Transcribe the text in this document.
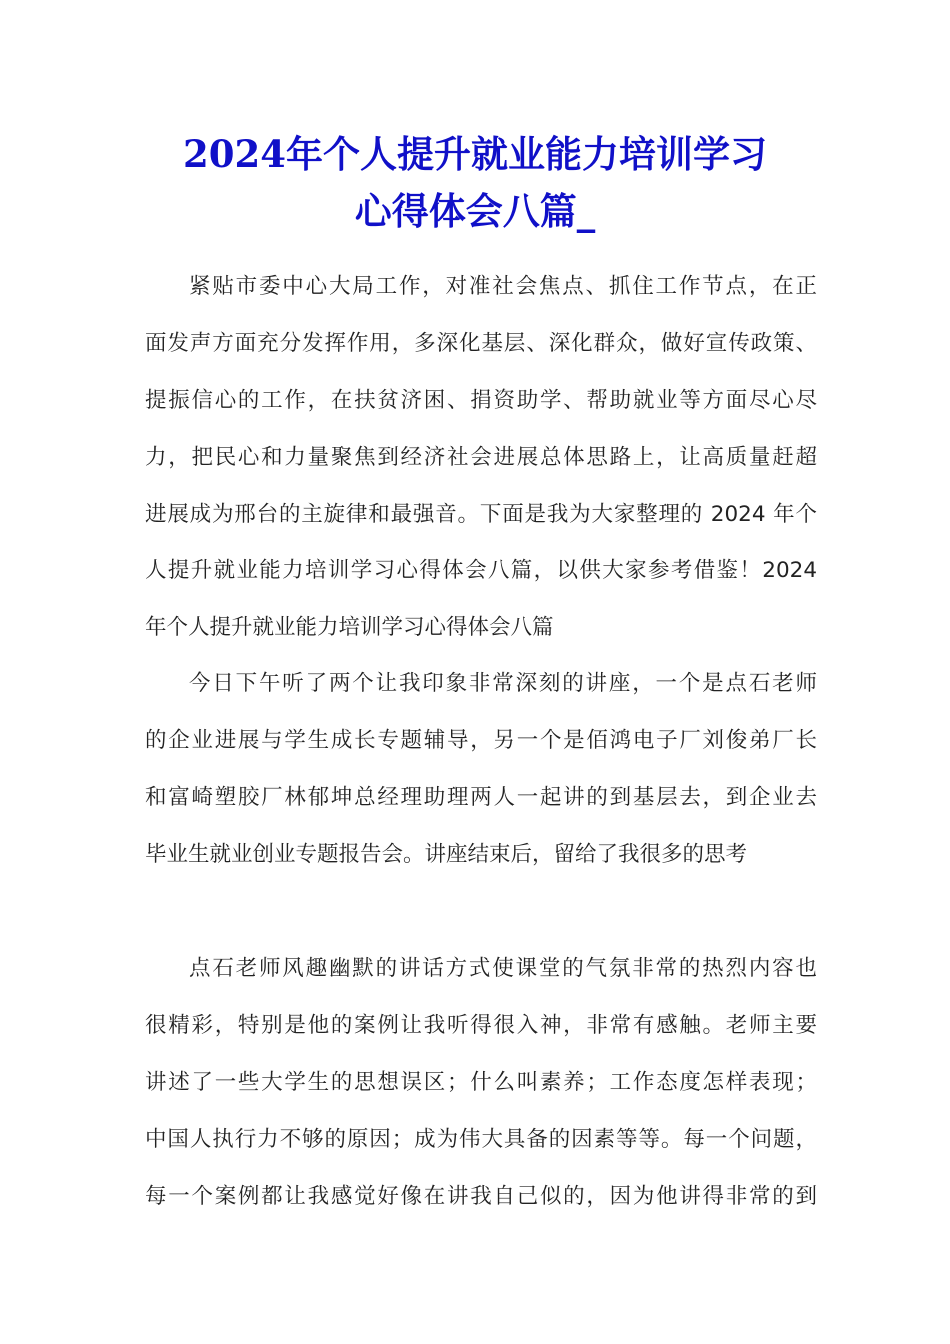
2024年个人提升就业能力培训学习
心得体会八篇_
紧贴市委中心大局工作，对准社会焦点、抓住工作节点，在正
面发声方面充分发挥作用，多深化基层、深化群众，做好宣传政策、
提振信心的工作，在扶贫济困、捐资助学、帮助就业等方面尽心尽
力，把民心和力量聚焦到经济社会进展总体思路上，让高质量赶超
进展成为邢台的主旋律和最强音。下面是我为大家整理的 2024 年个
人提升就业能力培训学习心得体会八篇，以供大家参考借鉴！2024
年个人提升就业能力培训学习心得体会八篇
今日下午听了两个让我印象非常深刻的讲座，一个是点石老师
的企业进展与学生成长专题辅导，另一个是佰鸿电子厂刘俊弟厂长
和富崎塑胶厂林郁坤总经理助理两人一起讲的到基层去，到企业去
毕业生就业创业专题报告会。讲座结束后，留给了我很多的思考
点石老师风趣幽默的讲话方式使课堂的气氛非常的热烈内容也
很精彩，特别是他的案例让我听得很入神，非常有感触。老师主要
讲述了一些大学生的思想误区；什么叫素养；工作态度怎样表现；
中国人执行力不够的原因；成为伟大具备的因素等等。每一个问题，
每一个案例都让我感觉好像在讲我自己似的，因为他讲得非常的到
